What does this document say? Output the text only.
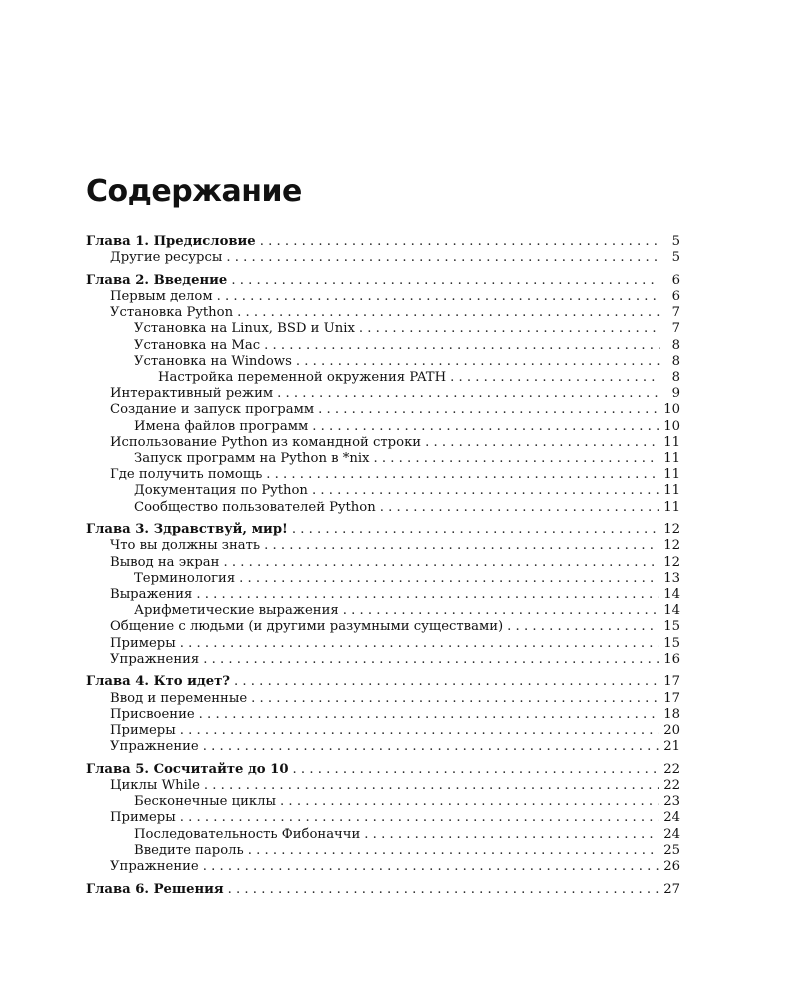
Содержание
Глава 1. Предисловие . . .	5
Другие ресурсы . . .	5
Глава 2. Введение . . .	6
Первым делом . . .	6
Установка Python . . .	7
Установка на Linux, BSD и Unix . . .	7
Установка на Mac . . .	8
Установка на Windows . . .	8
Настройка переменной окружения PATH . . .	8
Интерактивный режим . . .	9
Создание и запуск программ . . .	10
Имена файлов программ . . .	10
Использование Python из командной строки . . .	11
Запуск программ на Python в *nix . . .	11
Где получить помощь . . .	11
Документация по Python . . .	11
Сообщество пользователей Python . . .	11
Глава 3. Здравствуй, мир! . . .	12
Что вы должны знать . . .	12
Вывод на экран . . .	12
Терминология . . .	13
Выражения . . .	14
Арифметические выражения . . .	14
Общение с людьми (и другими разумными существами) . . .	15
Примеры . . .	15
Упражнения . . .	16
Глава 4. Кто идет? . . .	17
Ввод и переменные . . .	17
Присвоение . . .	18
Примеры . . .	20
Упражнение . . .	21
Глава 5. Сосчитайте до 10 . . .	22
Циклы While . . .	22
Бесконечные циклы . . .	23
Примеры . . .	24
Последовательность Фибоначчи . . .	24
Введите пароль . . .	25
Упражнение . . .	26
Глава 6. Решения . . .	27
